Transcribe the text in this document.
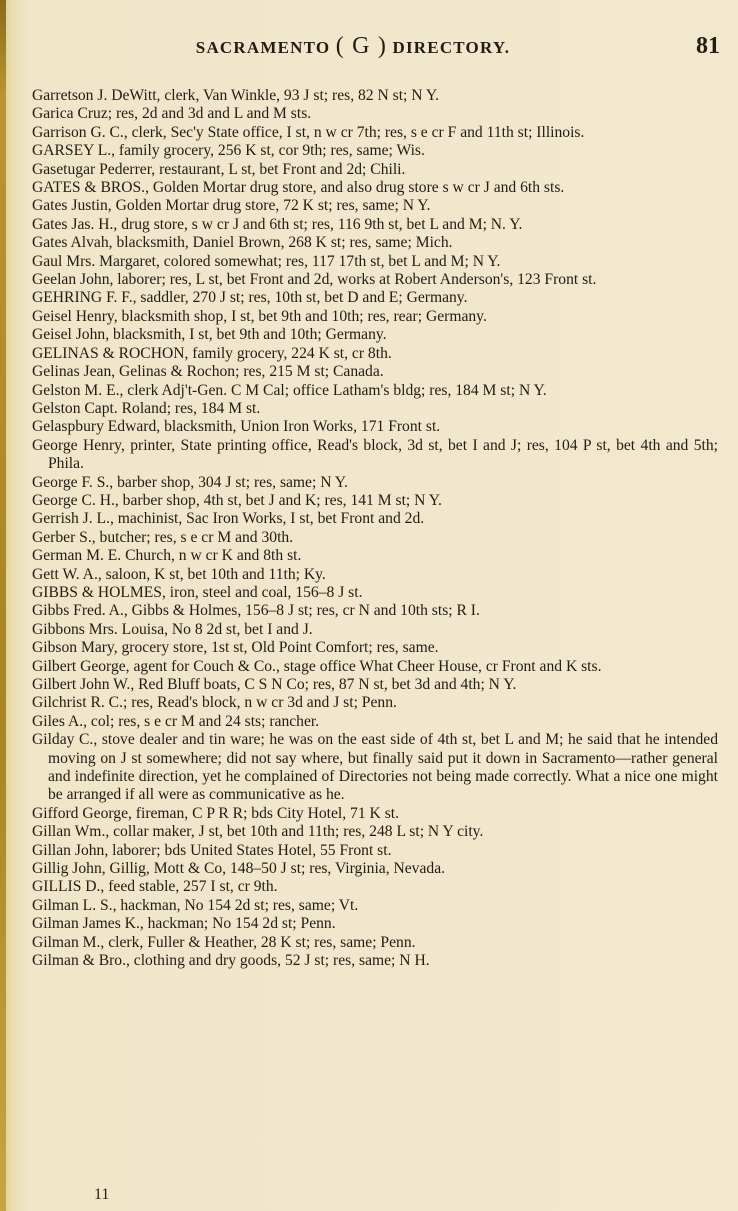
SACRAMENTO ( G ) DIRECTORY.	81

Garretson J. DeWitt, clerk, Van Winkle, 93 J st; res, 82 N st; N Y.

Garica Cruz; res, 2d and 3d and L and M sts.

Garrison G. C., clerk, Sec'y State office, I st, n w cr 7th; res, s e cr F and 11th st; Illinois.

GARSEY L., family grocery, 256 K st, cor 9th; res, same; Wis.

Gasetugar Pederrer, restaurant, L st, bet Front and 2d; Chili.

GATES & BROS., Golden Mortar drug store, and also drug store s w cr J and 6th sts.

Gates Justin, Golden Mortar drug store, 72 K st; res, same; N Y.

Gates Jas. H., drug store, s w cr J and 6th st; res, 116 9th st, bet L and M; N. Y.

Gates Alvah, blacksmith, Daniel Brown, 268 K st; res, same; Mich.

Gaul Mrs. Margaret, colored somewhat; res, 117 17th st, bet L and M; N Y.

Geelan John, laborer; res, L st, bet Front and 2d, works at Robert Anderson's, 123 Front st.

GEHRING F. F., saddler, 270 J st; res, 10th st, bet D and E; Germany.

Geisel Henry, blacksmith shop, I st, bet 9th and 10th; res, rear; Germany.

Geisel John, blacksmith, I st, bet 9th and 10th; Germany.

GELINAS & ROCHON, family grocery, 224 K st, cr 8th.

Gelinas Jean, Gelinas & Rochon; res, 215 M st; Canada.

Gelston M. E., clerk Adj't-Gen. C M Cal; office Latham's bldg; res, 184 M st; N Y.

Gelston Capt. Roland; res, 184 M st.

Gelaspbury Edward, blacksmith, Union Iron Works, 171 Front st.

George Henry, printer, State printing office, Read's block, 3d st, bet I and J; res, 104 P st, bet 4th and 5th; Phila.

George F. S., barber shop, 304 J st; res, same; N Y.

George C. H., barber shop, 4th st, bet J and K; res, 141 M st; N Y.

Gerrish J. L., machinist, Sac Iron Works, I st, bet Front and 2d.

Gerber S., butcher; res, s e cr M and 30th.

German M. E. Church, n w cr K and 8th st.

Gett W. A., saloon, K st, bet 10th and 11th; Ky.

GIBBS & HOLMES, iron, steel and coal, 156–8 J st.

Gibbs Fred. A., Gibbs & Holmes, 156–8 J st; res, cr N and 10th sts; R I.

Gibbons Mrs. Louisa, No 8 2d st, bet I and J.

Gibson Mary, grocery store, 1st st, Old Point Comfort; res, same.

Gilbert George, agent for Couch & Co., stage office What Cheer House, cr Front and K sts.

Gilbert John W., Red Bluff boats, C S N Co; res, 87 N st, bet 3d and 4th; N Y.

Gilchrist R. C.; res, Read's block, n w cr 3d and J st; Penn.

Giles A., col; res, s e cr M and 24 sts; rancher.

Gilday C., stove dealer and tin ware; he was on the east side of 4th st, bet L and M; he said that he intended moving on J st somewhere; did not say where, but finally said put it down in Sacramento—rather general and indefinite direction, yet he complained of Directories not being made correctly. What a nice one might be arranged if all were as communicative as he.

Gifford George, fireman, C P R R; bds City Hotel, 71 K st.

Gillan Wm., collar maker, J st, bet 10th and 11th; res, 248 L st; N Y city.

Gillan John, laborer; bds United States Hotel, 55 Front st.

Gillig John, Gillig, Mott & Co, 148–50 J st; res, Virginia, Nevada.

GILLIS D., feed stable, 257 I st, cr 9th.

Gilman L. S., hackman, No 154 2d st; res, same; Vt.

Gilman James K., hackman; No 154 2d st; Penn.

Gilman M., clerk, Fuller & Heather, 28 K st; res, same; Penn.

Gilman & Bro., clothing and dry goods, 52 J st; res, same; N H.

11
